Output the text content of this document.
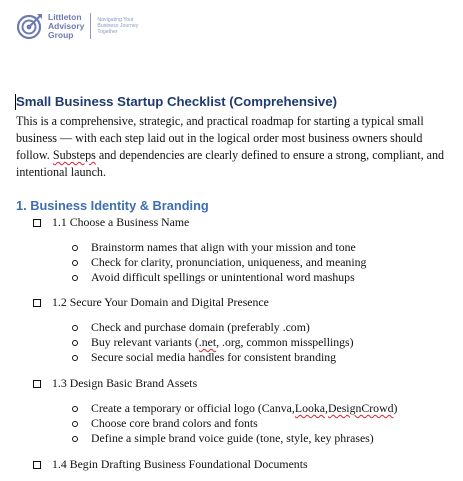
Littleton
Advisory
Group
Navigating Your
Business Journey
Together
Small Business Startup Checklist (Comprehensive)

This is a comprehensive, strategic, and practical roadmap for starting a typical small business — with each step laid out in the logical order most business owners should follow. Substeps and dependencies are clearly defined to ensure a strong, compliant, and intentional launch.

1. Business Identity & Branding
1.1 Choose a Business Name
Brainstorm names that align with your mission and tone
Check for clarity, pronunciation, uniqueness, and meaning
Avoid difficult spellings or unintentional word mashups
1.2 Secure Your Domain and Digital Presence
Check and purchase domain (preferably .com)
Buy relevant variants ( .net , .org, common misspellings)
Secure social media handles for consistent branding
1.3 Design Basic Brand Assets
Create a temporary or official logo (Canva, Looka , DesignCrowd )
Choose core brand colors and fonts
Define a simple brand voice guide (tone, style, key phrases)
1.4 Begin Drafting Business Foundational Documents
